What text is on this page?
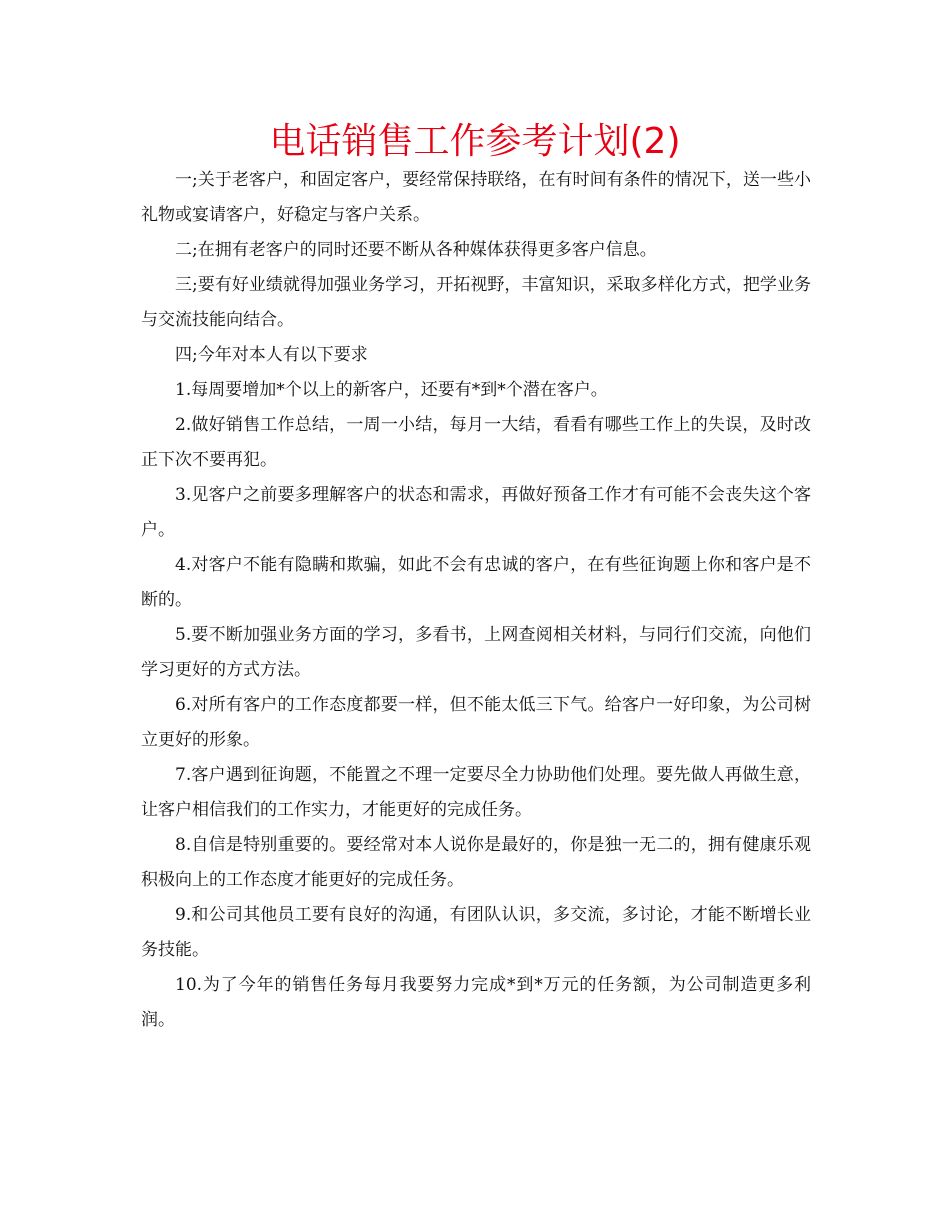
电话销售工作参考计划(2)

一;关于老客户，和固定客户，要经常保持联络，在有时间有条件的情况下，送一些小礼物或宴请客户，好稳定与客户关系。

二;在拥有老客户的同时还要不断从各种媒体获得更多客户信息。

三;要有好业绩就得加强业务学习，开拓视野，丰富知识，采取多样化方式，把学业务与交流技能向结合。

四;今年对本人有以下要求

1.每周要增加*个以上的新客户，还要有*到*个潜在客户。

2.做好销售工作总结，一周一小结，每月一大结，看看有哪些工作上的失误，及时改正下次不要再犯。

3.见客户之前要多理解客户的状态和需求，再做好预备工作才有可能不会丧失这个客户。

4.对客户不能有隐瞒和欺骗，如此不会有忠诚的客户，在有些征询题上你和客户是不断的。

5.要不断加强业务方面的学习，多看书，上网查阅相关材料，与同行们交流，向他们学习更好的方式方法。

6.对所有客户的工作态度都要一样，但不能太低三下气。给客户一好印象，为公司树立更好的形象。

7.客户遇到征询题，不能置之不理一定要尽全力协助他们处理。要先做人再做生意，让客户相信我们的工作实力，才能更好的完成任务。

8.自信是特别重要的。要经常对本人说你是最好的，你是独一无二的，拥有健康乐观积极向上的工作态度才能更好的完成任务。

9.和公司其他员工要有良好的沟通，有团队认识，多交流，多讨论，才能不断增长业务技能。

10.为了今年的销售任务每月我要努力完成*到*万元的任务额，为公司制造更多利润。
